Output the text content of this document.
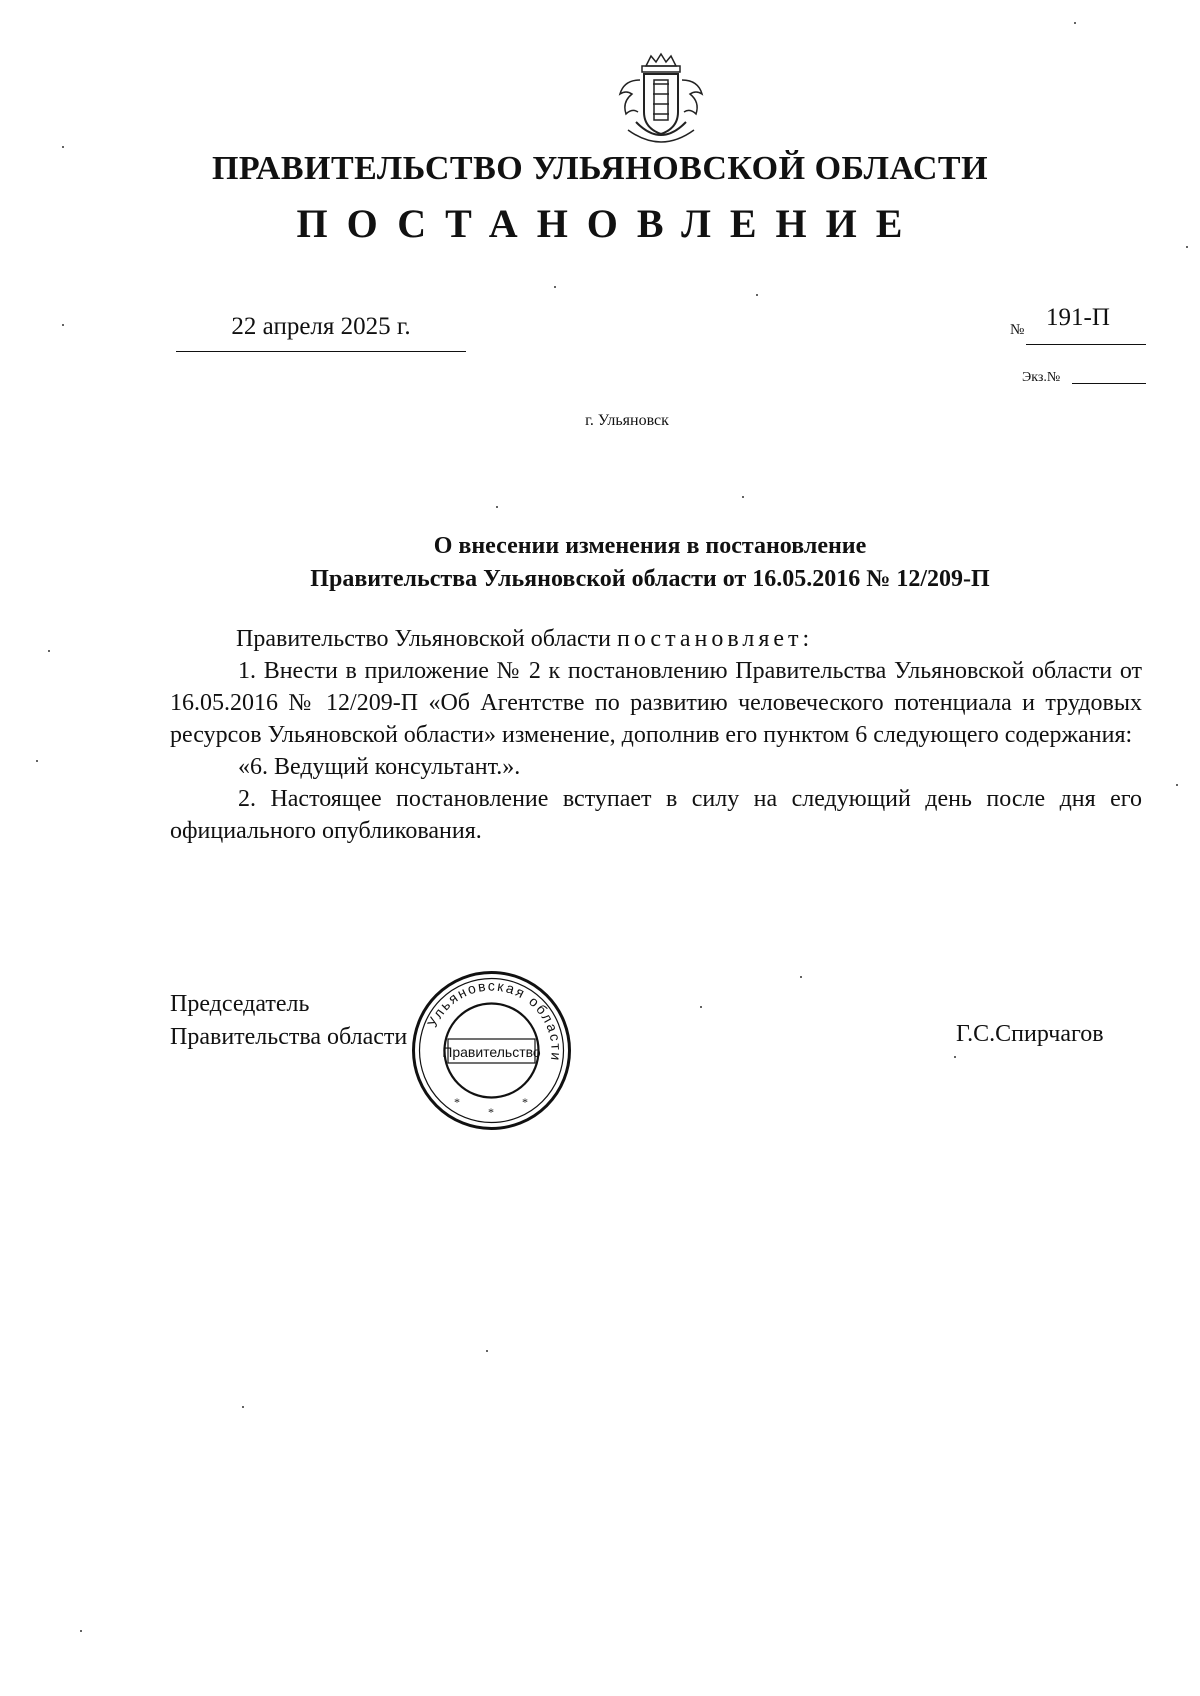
ПРАВИТЕЛЬСТВО УЛЬЯНОВСКОЙ ОБЛАСТИ
ПОСТАНОВЛЕНИЕ
22 апреля 2025 г.	№ 191-П
Экз.№
г. Ульяновск
О внесении изменения в постановление
Правительства Ульяновской области от 16.05.2016 № 12/209-П

Правительство Ульяновской области постановляет:

1. Внести в приложение № 2 к постановлению Правительства Ульяновской области от 16.05.2016 № 12/209-П «Об Агентстве по развитию человеческого потенциала и трудовых ресурсов Ульяновской области» изменение, дополнив его пунктом 6 следующего содержания:

«6. Ведущий консультант.».

2. Настоящее постановление вступает в силу на следующий день после дня его официального опубликования.

Председатель
Правительства области	Г.С.Спирчагов
Ульяновская области
Правительство
*
*
*
